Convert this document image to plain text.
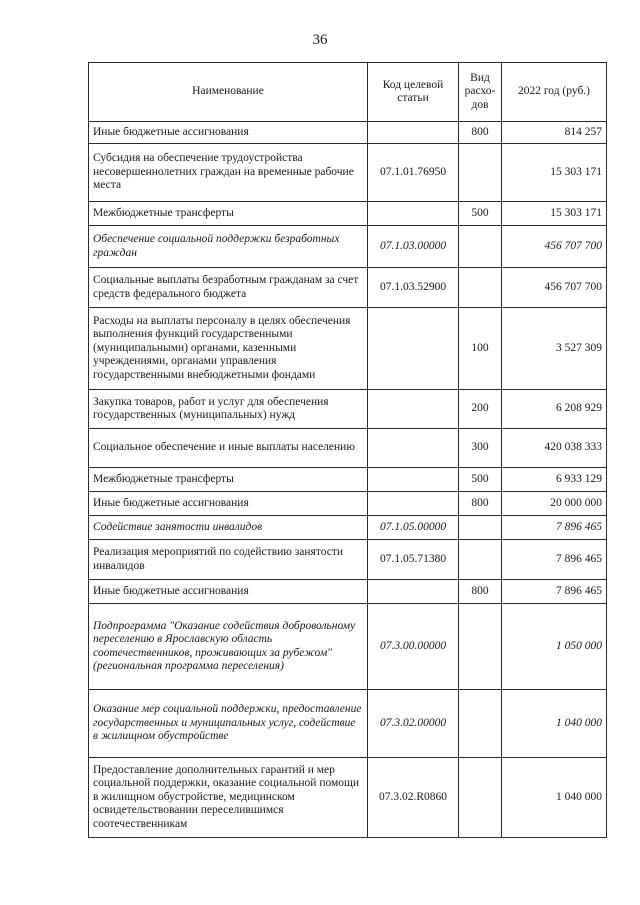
36
Наименование	Код целевой статьи	Вид расхо-дов	2022 год (руб.)
Иные бюджетные ассигнования		800	814 257
Субсидия на обеспечение трудоустройства несовершеннолетних граждан на временные рабочие места	07.1.01.76950		15 303 171
Межбюджетные трансферты		500	15 303 171
Обеспечение социальной поддержки безработных граждан	07.1.03.00000		456 707 700
Социальные выплаты безработным гражданам за счет средств федерального бюджета	07.1.03.52900		456 707 700
Расходы на выплаты персоналу в целях обеспечения выполнения функций государственными (муниципальными) органами, казенными учреждениями, органами управления государственными внебюджетными фондами		100	3 527 309
Закупка товаров, работ и услуг для обеспечения государственных (муниципальных) нужд		200	6 208 929
Социальное обеспечение и иные выплаты населению		300	420 038 333
Межбюджетные трансферты		500	6 933 129
Иные бюджетные ассигнования		800	20 000 000
Содействие занятости инвалидов	07.1.05.00000		7 896 465
Реализация мероприятий по содействию занятости инвалидов	07.1.05.71380		7 896 465
Иные бюджетные ассигнования		800	7 896 465
Подпрограмма "Оказание содействия добровольному переселению в Ярославскую область соотечественников, проживающих за рубежом" (региональная программа переселения)	07.3.00.00000		1 050 000
Оказание мер социальной поддержки, предоставление государственных и муниципальных услуг, содействие в жилищном обустройстве	07.3.02.00000		1 040 000
Предоставление дополнительных гарантий и мер социальной поддержки, оказание социальной помощи в жилищном обустройстве, медицинском освидетельствовании переселившимся соотечественникам	07.3.02.R0860		1 040 000
